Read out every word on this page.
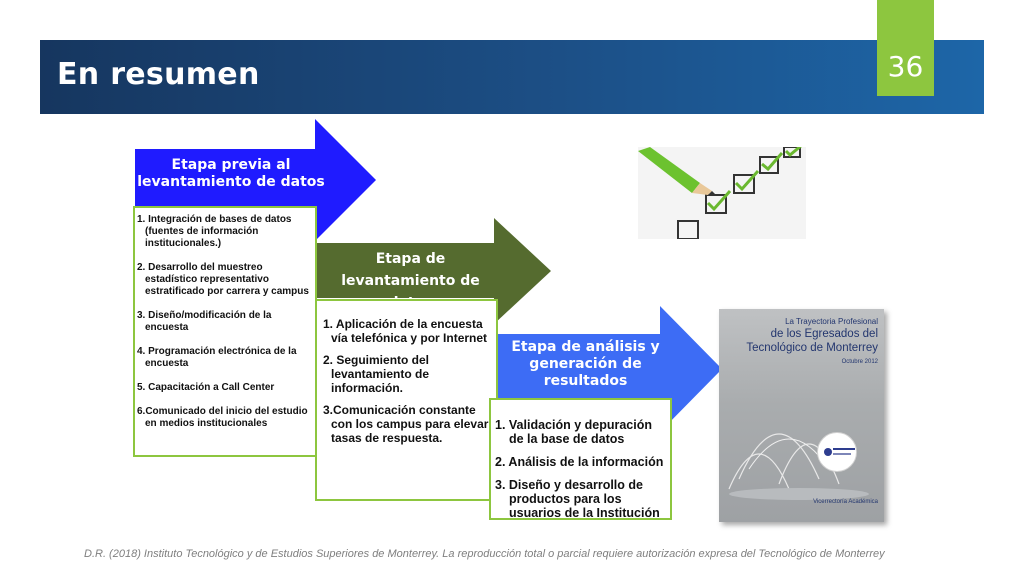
En resumen	36
Etapa previa al levantamiento de datos
Etapa de levantamiento de
Etapa de análisis y generación de resultados
1. Integración de bases de datos (fuentes de información institucionales.)
2. Desarrollo del muestreo estadístico representativo estratificado por carrera y campus
3. Diseño/modificación de la encuesta
4. Programación electrónica de la encuesta
5. Capacitación a Call Center
6.Comunicado del inicio del estudio en medios institucionales
1. Aplicación de la encuesta vía telefónica y por Internet
2. Seguimiento del levantamiento de información.
3.Comunicación constante con los campus para elevar tasas de respuesta.
1. Validación y depuración de la base de datos
2. Análisis de la información
3. Diseño y desarrollo de productos para los usuarios de la Institución
La Trayectoria Profesional
de los Egresados del
Tecnológico de Monterrey
Octubre 2012
Vicerrectoría Académica
D.R. (2018) Instituto Tecnológico y de Estudios Superiores de Monterrey. La reproducción total o parcial requiere autorización expresa del Tecnológico de Monterrey
